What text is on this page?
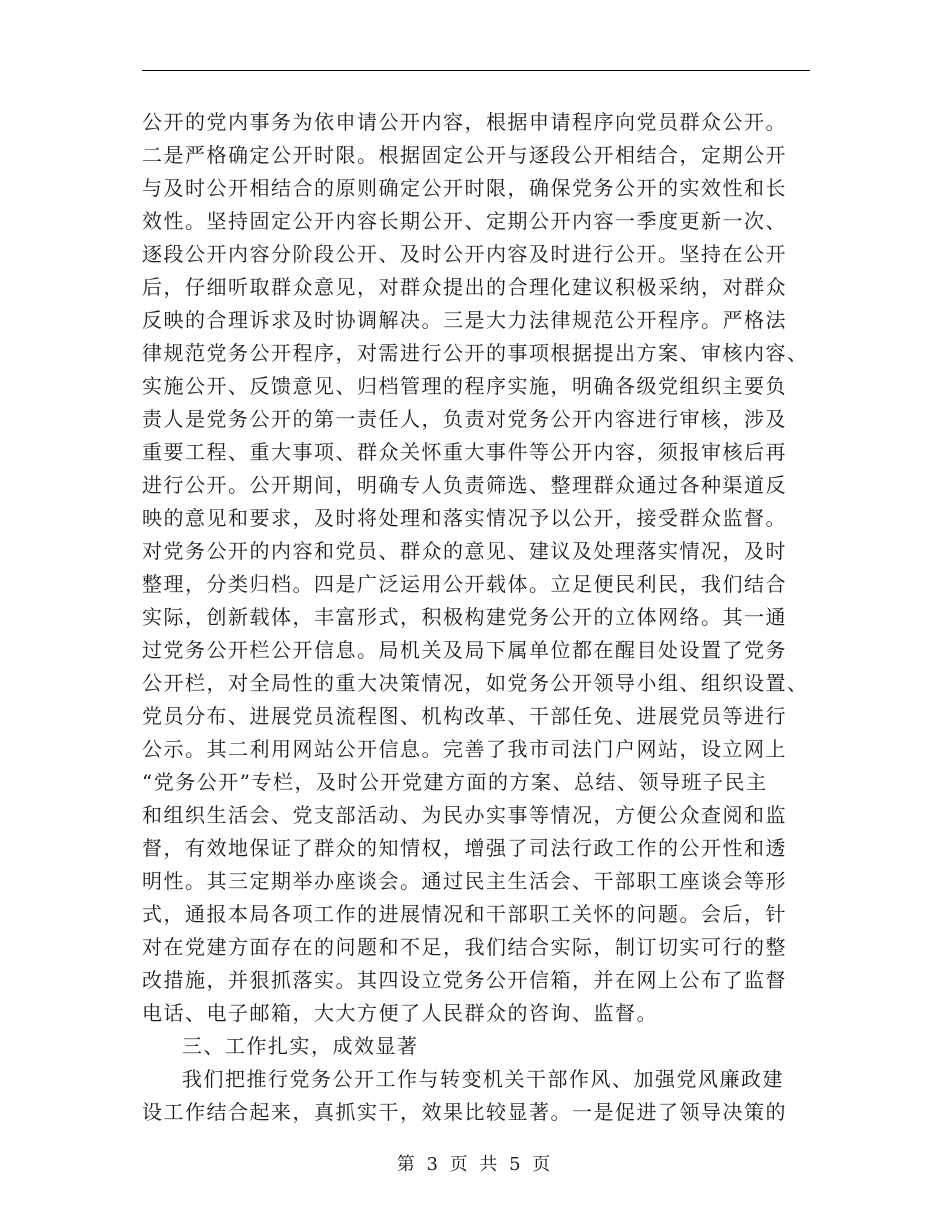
公开的党内事务为依申请公开内容，根据申请程序向党员群众公开。
二是严格确定公开时限。根据固定公开与逐段公开相结合，定期公开
与及时公开相结合的原则确定公开时限，确保党务公开的实效性和长
效性。坚持固定公开内容长期公开、定期公开内容一季度更新一次、
逐段公开内容分阶段公开、及时公开内容及时进行公开。坚持在公开
后，仔细听取群众意见，对群众提出的合理化建议积极采纳，对群众
反映的合理诉求及时协调解决。三是大力法律规范公开程序。严格法
律规范党务公开程序，对需进行公开的事项根据提出方案、审核内容、
实施公开、反馈意见、归档管理的程序实施，明确各级党组织主要负
责人是党务公开的第一责任人，负责对党务公开内容进行审核，涉及
重要工程、重大事项、群众关怀重大事件等公开内容，须报审核后再
进行公开。公开期间，明确专人负责筛选、整理群众通过各种渠道反
映的意见和要求，及时将处理和落实情况予以公开，接受群众监督。
对党务公开的内容和党员、群众的意见、建议及处理落实情况，及时
整理，分类归档。四是广泛运用公开载体。立足便民利民，我们结合
实际，创新载体，丰富形式，积极构建党务公开的立体网络。其一通
过党务公开栏公开信息。局机关及局下属单位都在醒目处设置了党务
公开栏，对全局性的重大决策情况，如党务公开领导小组、组织设置、
党员分布、进展党员流程图、机构改革、干部任免、进展党员等进行
公示。其二利用网站公开信息。完善了我市司法门户网站，设立网上
“党务公开”专栏，及时公开党建方面的方案、总结、领导班子民主
和组织生活会、党支部活动、为民办实事等情况，方便公众查阅和监
督，有效地保证了群众的知情权，增强了司法行政工作的公开性和透
明性。其三定期举办座谈会。通过民主生活会、干部职工座谈会等形
式，通报本局各项工作的进展情况和干部职工关怀的问题。会后，针
对在党建方面存在的问题和不足，我们结合实际，制订切实可行的整
改措施，并狠抓落实。其四设立党务公开信箱，并在网上公布了监督
电话、电子邮箱，大大方便了人民群众的咨询、监督。
三、工作扎实，成效显著
我们把推行党务公开工作与转变机关干部作风、加强党风廉政建
设工作结合起来，真抓实干，效果比较显著。一是促进了领导决策的
第 3 页 共 5 页
